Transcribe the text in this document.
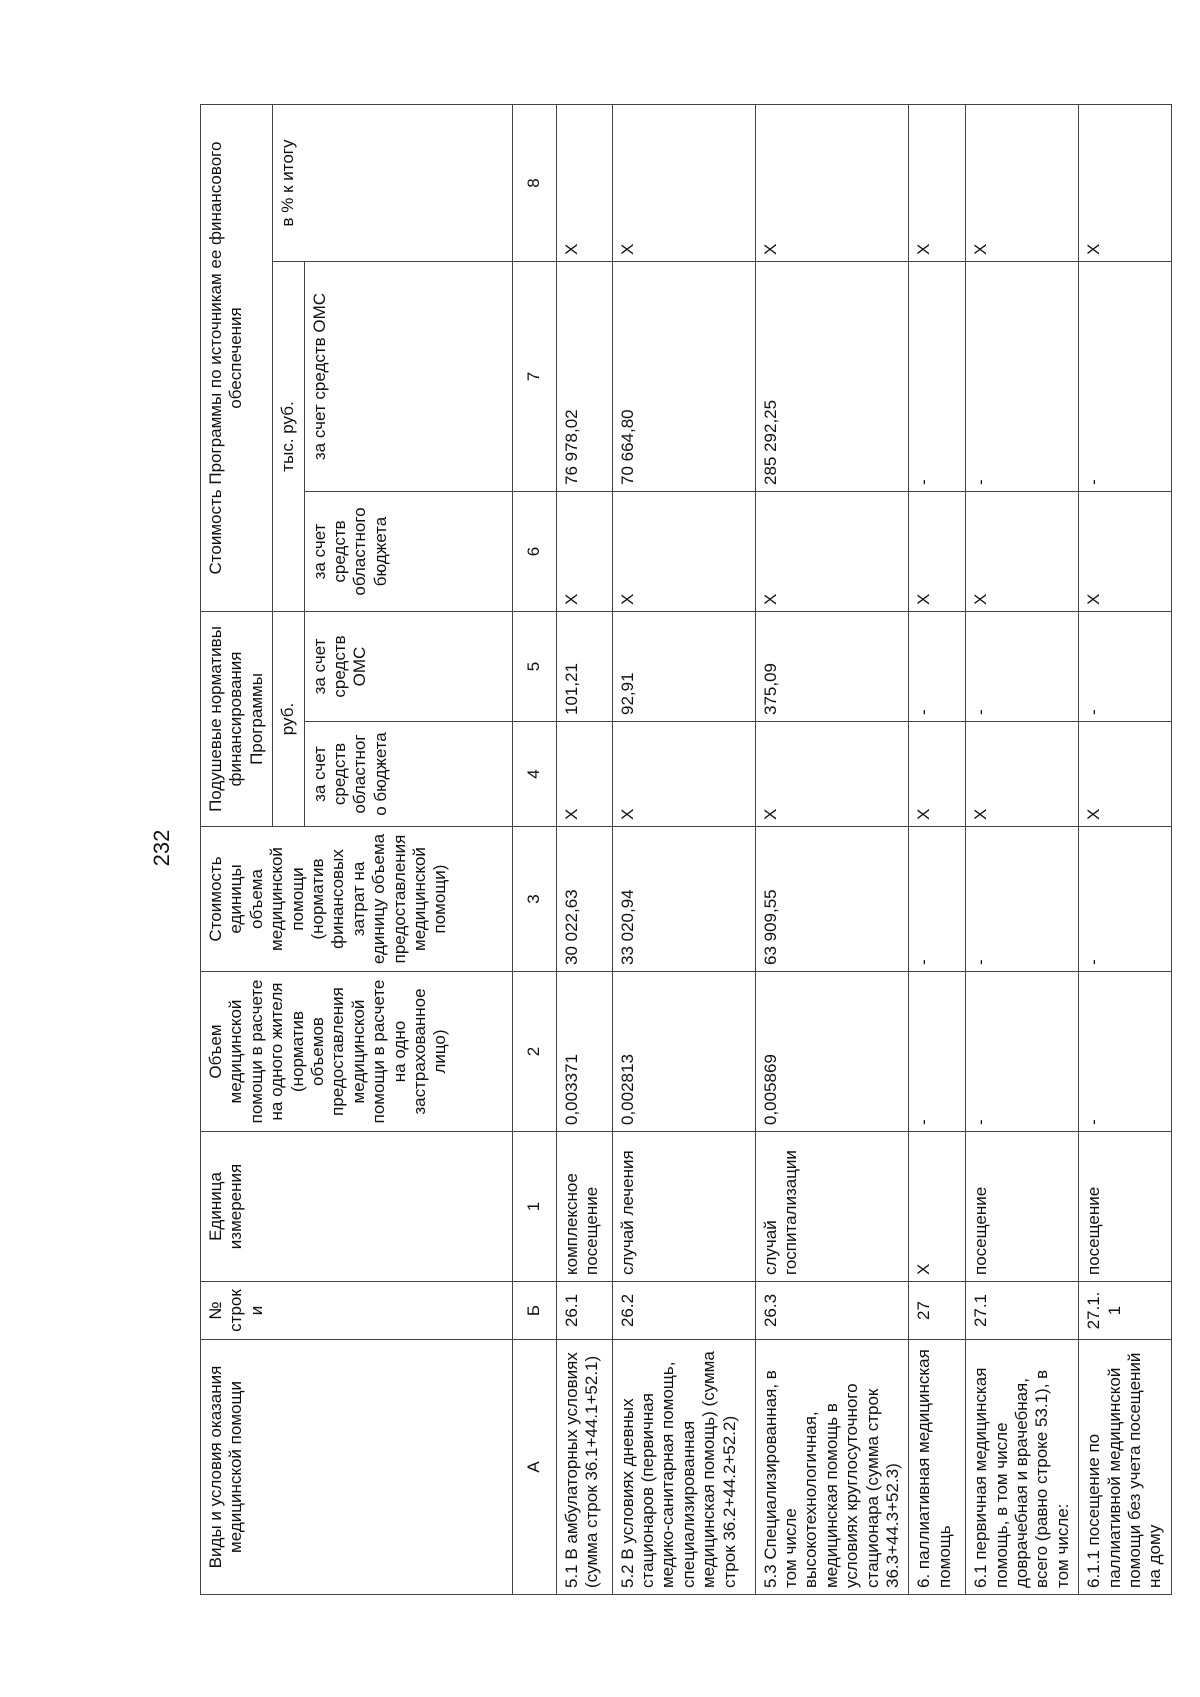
232
Виды и условия оказания медицинской помощи	№ строки	Единица измерения	Объем медицинской помощи в расчете на одного жителя (норматив объемов предоставления медицинской помощи в расчете на одно застрахованное лицо)	Стоимость единицы объема медицинской помощи (норматив финансовых затрат на единицу объема предоставления медицинской помощи)	Подушевые нормативы финансирования Программы		Стоимость Программы по источникам ее финансового обеспечения		
					руб.		тыс. руб.		в % к итогу
					за счет средств областног о бюджета	за счет средств ОМС	за счет средств областного бюджета	за счет средств ОМС	
А	Б	1	2	3	4	5	6	7	8
5.1 В амбулаторных условиях (сумма строк 36.1+44.1+52.1)	26.1	комплексное посещение	0,003371	30 022,63	X	101,21	X	76 978,02	X
5.2 В условиях дневных стационаров (первичная медико-санитарная помощь, специализированная медицинская помощь) (сумма строк 36.2+44.2+52.2)	26.2	случай лечения	0,002813	33 020,94	X	92,91	X	70 664,80	X
5.3 Специализированная, в том числе высокотехнологичная, медицинская помощь в условиях круглосуточного стационара (сумма строк 36.3+44.3+52.3)	26.3	случай госпитализации	0,005869	63 909,55	X	375,09	X	285 292,25	X
6. паллиативная медицинская помощь	27	X	-	-	X	-	X	-	X
6.1 первичная медицинская помощь, в том числе доврачебная и врачебная, всего (равно строке 53.1), в том числе:	27.1	посещение	-	-	X	-	X	-	X
6.1.1 посещение по паллиативной медицинской помощи без учета посещений на дому	27.1.1	посещение	-	-	X	-	X	-	X
